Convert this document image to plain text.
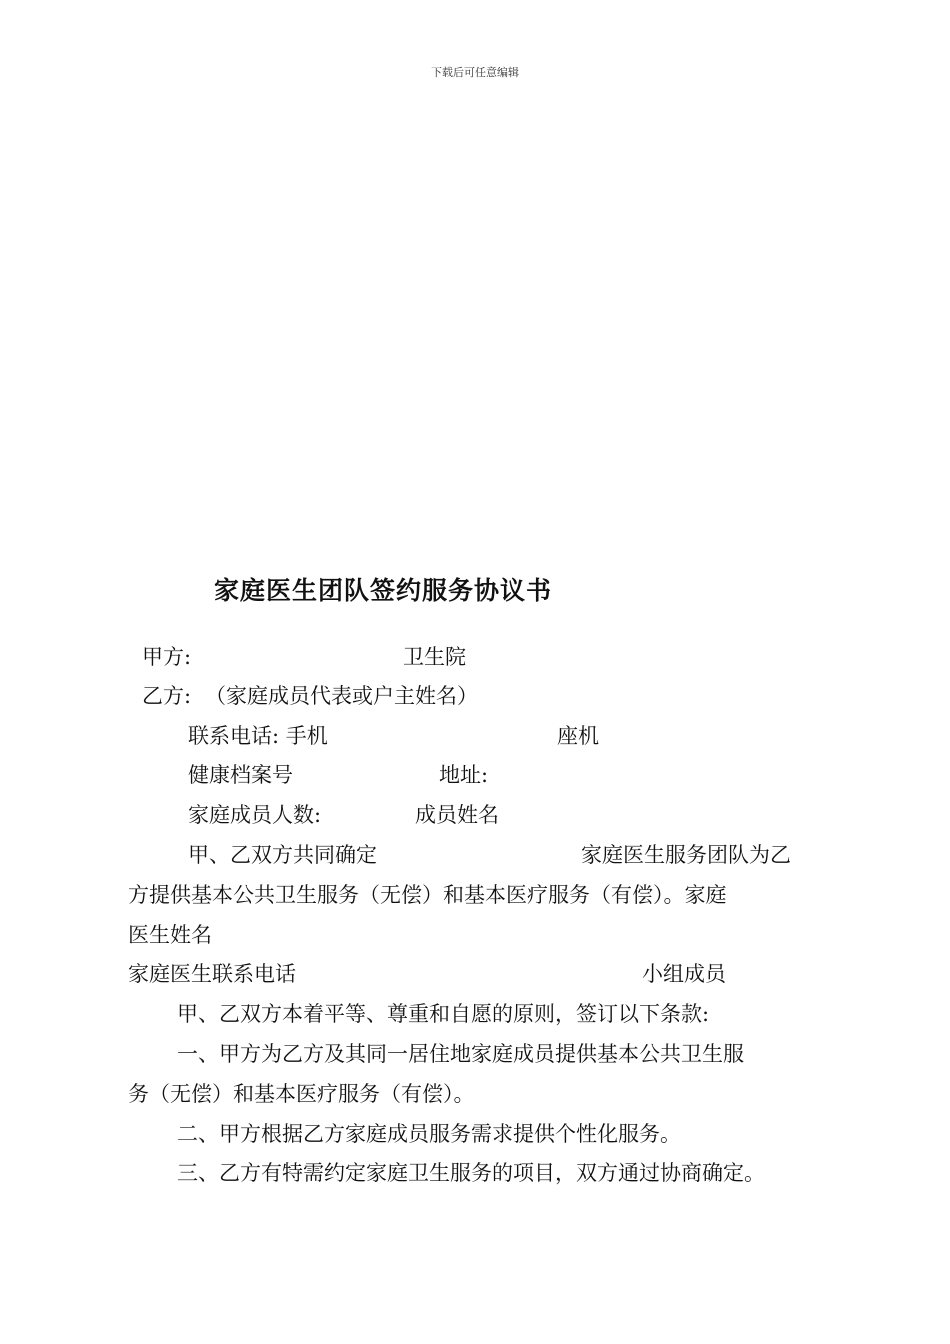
下载后可任意编辑
家庭医生团队签约服务协议书
甲方:	卫生院
乙方: （家庭成员代表或户主姓名）
联系电话: 手机	座机
健康档案号	地址:
家庭成员人数:	成员姓名
甲、乙双方共同确定	家庭医生服务团队为乙
方提供基本公共卫生服务（无偿）和基本医疗服务（有偿）。家庭
医生姓名
家庭医生联系电话	小组成员
甲、乙双方本着平等、尊重和自愿的原则，签订以下条款:
一、甲方为乙方及其同一居住地家庭成员提供基本公共卫生服
务（无偿）和基本医疗服务（有偿）。
二、甲方根据乙方家庭成员服务需求提供个性化服务。
三、乙方有特需约定家庭卫生服务的项目，双方通过协商确定。
